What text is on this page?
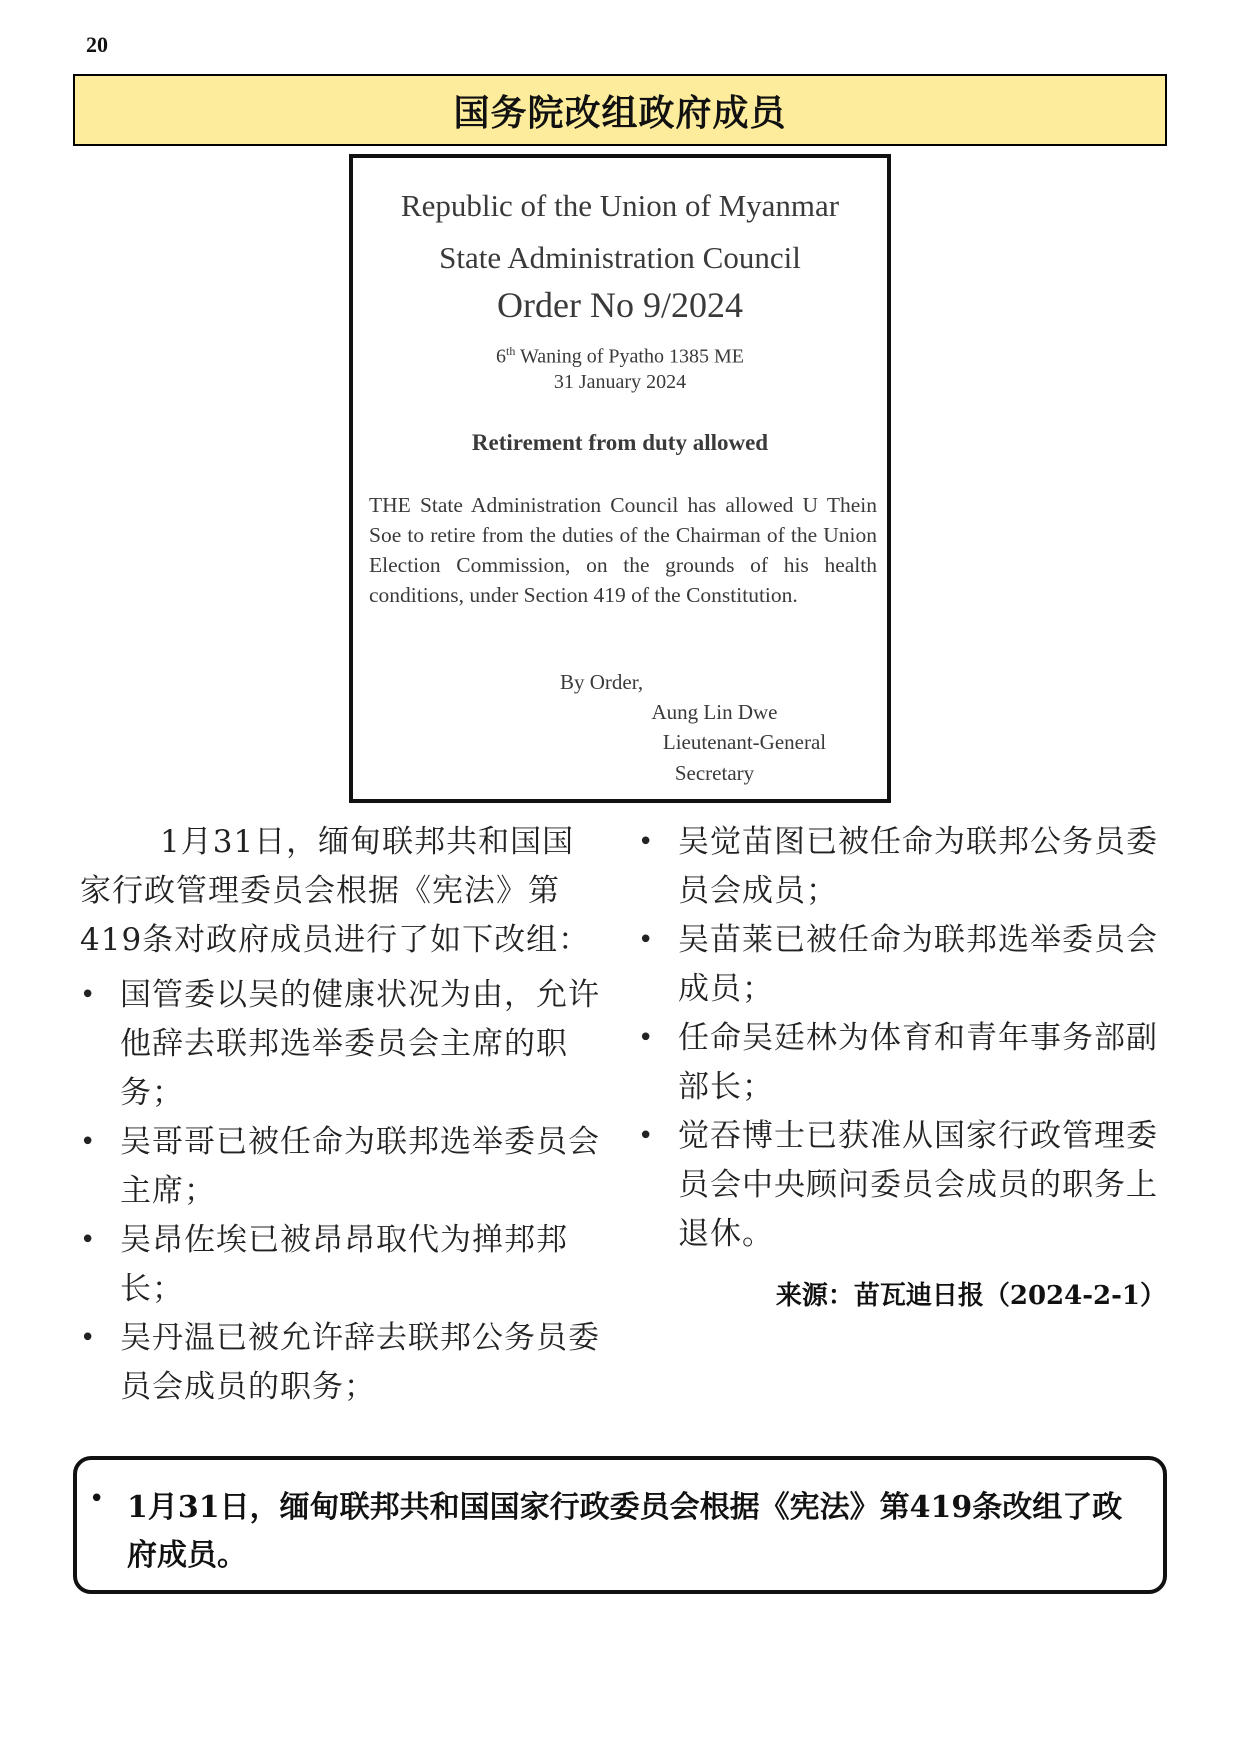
20
国务院改组政府成员
Republic of the Union of Myanmar
State Administration Council
Order No 9/2024
6th Waning of Pyatho 1385 ME
31 January 2024
Retirement from duty allowed
THE State Administration Council has allowed U Thein Soe to retire from the duties of the Chairman of the Union Election Commission, on the grounds of his health conditions, under Section 419 of the Constitution.
By Order,
Aung Lin Dwe
Lieutenant-General
Secretary

1月31日，缅甸联邦共和国国家行政管理委员会根据《宪法》第419条对政府成员进行了如下改组：

• 国管委以吴的健康状况为由，允许他辞去联邦选举委员会主席的职务；
• 吴哥哥已被任命为联邦选举委员会主席；
• 吴昂佐埃已被昂昂取代为掸邦邦长；
• 吴丹温已被允许辞去联邦公务员委员会成员的职务；
• 吴觉苗图已被任命为联邦公务员委员会成员；
• 吴苗莱已被任命为联邦选举委员会成员；
• 任命吴廷林为体育和青年事务部副部长；
• 觉吞博士已获准从国家行政管理委员会中央顾问委员会成员的职务上退休。
来源：苗瓦迪日报（2024-2-1）
• 1月31日，缅甸联邦共和国国家行政委员会根据《宪法》第419条改组了政府成员。
